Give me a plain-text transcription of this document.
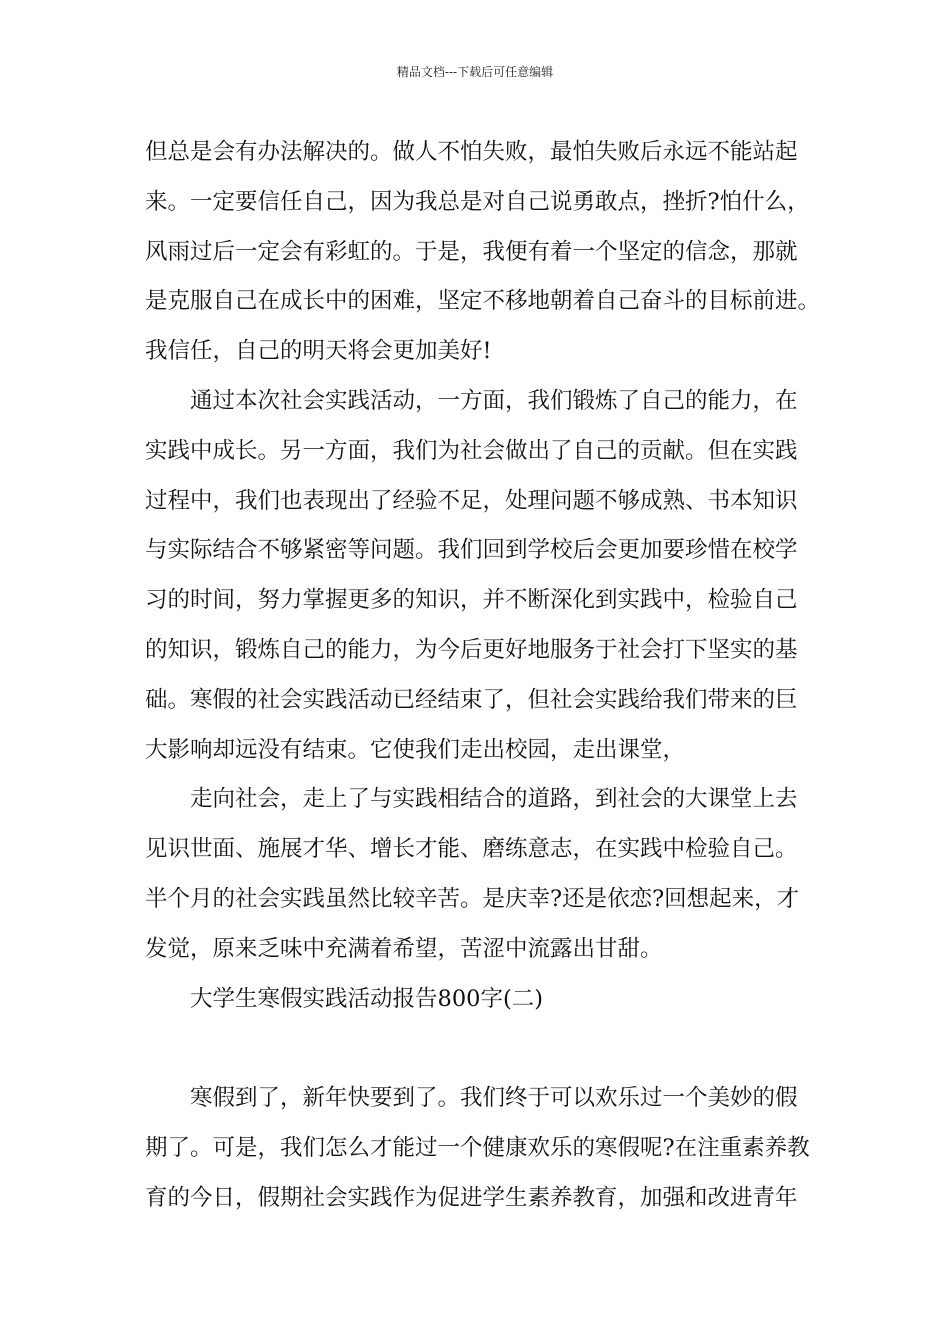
精品文档---下载后可任意编辑
但总是会有办法解决的。做人不怕失败，最怕失败后永远不能站起
来。一定要信任自己，因为我总是对自己说勇敢点，挫折?怕什么，
风雨过后一定会有彩虹的。于是，我便有着一个坚定的信念，那就
是克服自己在成长中的困难，坚定不移地朝着自己奋斗的目标前进。
我信任，自己的明天将会更加美好!
通过本次社会实践活动，一方面，我们锻炼了自己的能力，在
实践中成长。另一方面，我们为社会做出了自己的贡献。但在实践
过程中，我们也表现出了经验不足，处理问题不够成熟、书本知识
与实际结合不够紧密等问题。我们回到学校后会更加要珍惜在校学
习的时间，努力掌握更多的知识，并不断深化到实践中，检验自己
的知识，锻炼自己的能力，为今后更好地服务于社会打下坚实的基
础。寒假的社会实践活动已经结束了，但社会实践给我们带来的巨
大影响却远没有结束。它使我们走出校园，走出课堂，
走向社会，走上了与实践相结合的道路，到社会的大课堂上去
见识世面、施展才华、增长才能、磨练意志，在实践中检验自己。
半个月的社会实践虽然比较辛苦。是庆幸?还是依恋?回想起来，才
发觉，原来乏味中充满着希望，苦涩中流露出甘甜。
大学生寒假实践活动报告800字(二)
寒假到了，新年快要到了。我们终于可以欢乐过一个美妙的假
期了。可是，我们怎么才能过一个健康欢乐的寒假呢?在注重素养教
育的今日，假期社会实践作为促进学生素养教育，加强和改进青年
